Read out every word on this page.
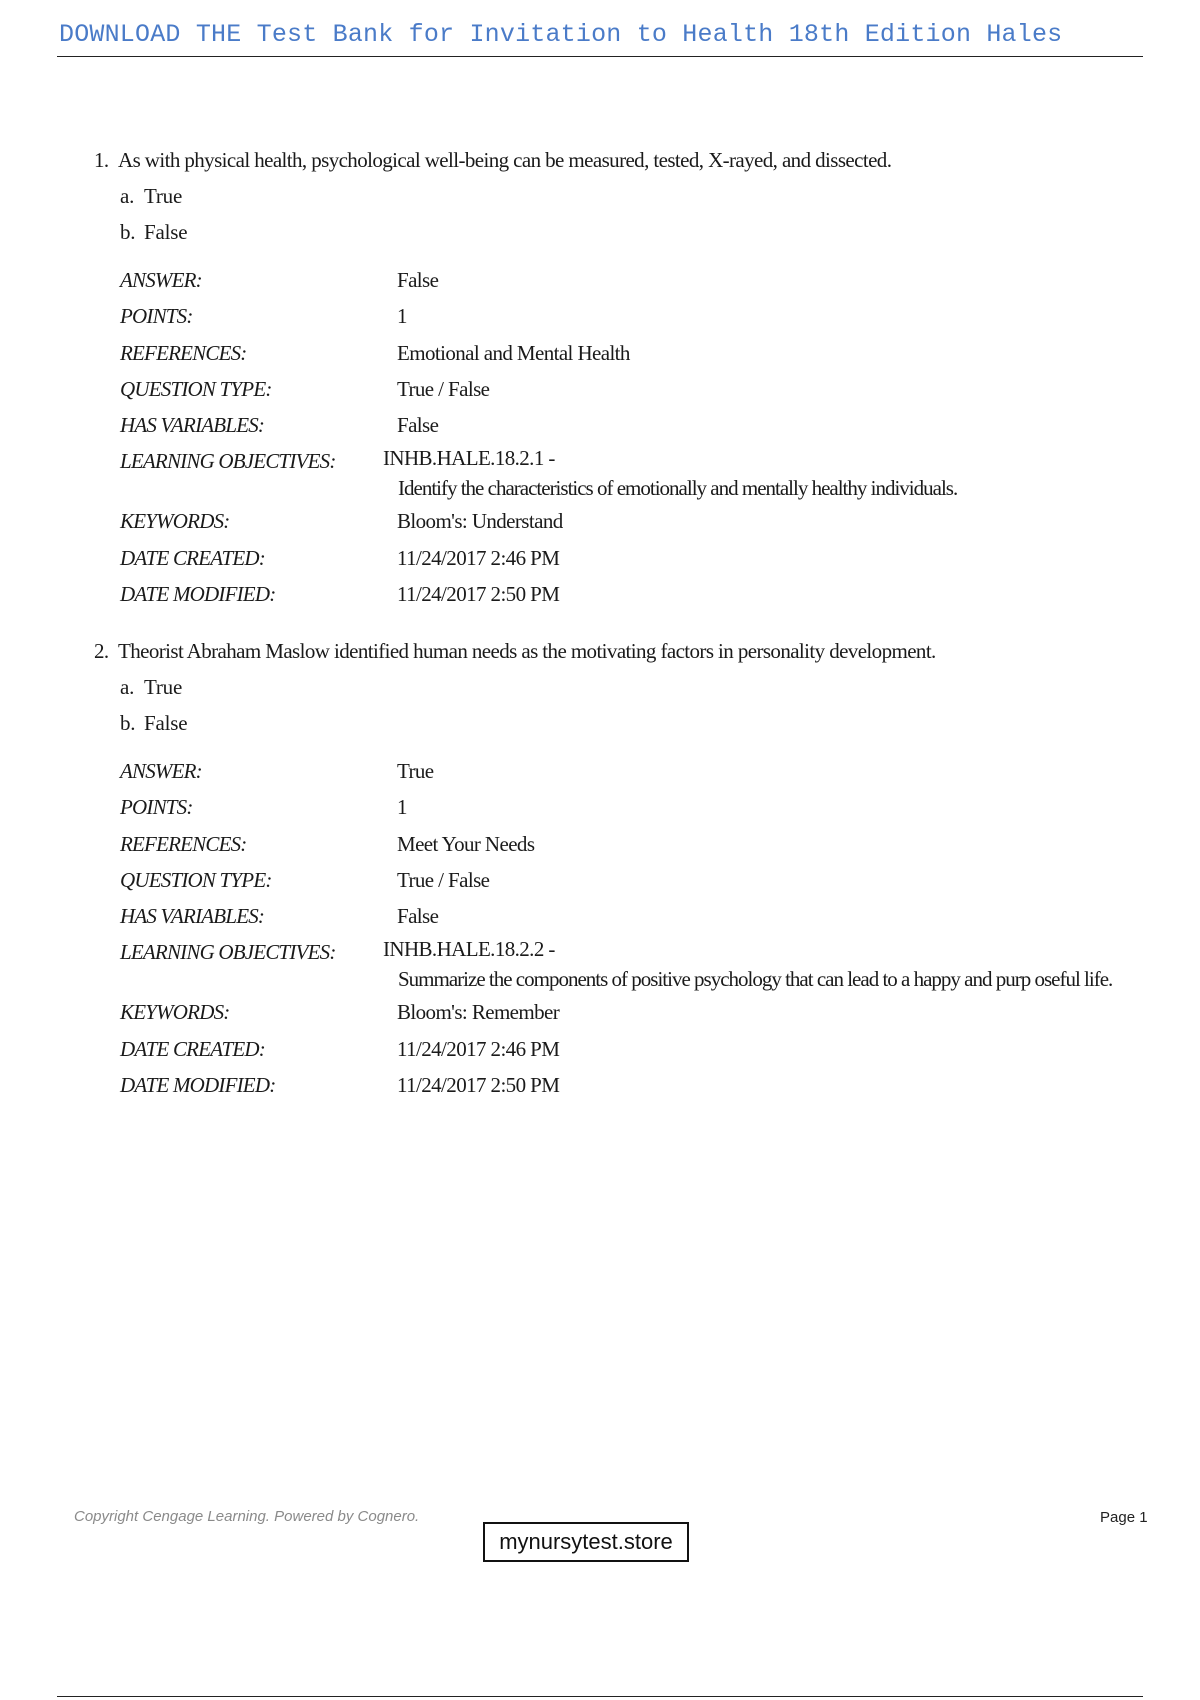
DOWNLOAD THE Test Bank for Invitation to Health 18th Edition Hales
1. As with physical health, psychological well-being can be measured, tested, X-rayed, and dissected.
a. True
b. False
ANSWER:	False
POINTS:	1
REFERENCES:	Emotional and Mental Health
QUESTION TYPE:	True / False
HAS VARIABLES:	False
LEARNING OBJECTIVES:	INHB.HALE.18.2.1 -
Identify the characteristics of emotionally and mentally healthy individuals.
KEYWORDS:	Bloom's: Understand
DATE CREATED:	11/24/2017 2:46 PM
DATE MODIFIED:	11/24/2017 2:50 PM
2. Theorist Abraham Maslow identified human needs as the motivating factors in personality development.
a. True
b. False
ANSWER:	True
POINTS:	1
REFERENCES:	Meet Your Needs
QUESTION TYPE:	True / False
HAS VARIABLES:	False
LEARNING OBJECTIVES:	INHB.HALE.18.2.2 -
Summarize the components of positive psychology that can lead to a happy and purp oseful life.
KEYWORDS:	Bloom's: Remember
DATE CREATED:	11/24/2017 2:46 PM
DATE MODIFIED:	11/24/2017 2:50 PM
Copyright Cengage Learning. Powered by Cognero.	Page 1
mynursytest.store
